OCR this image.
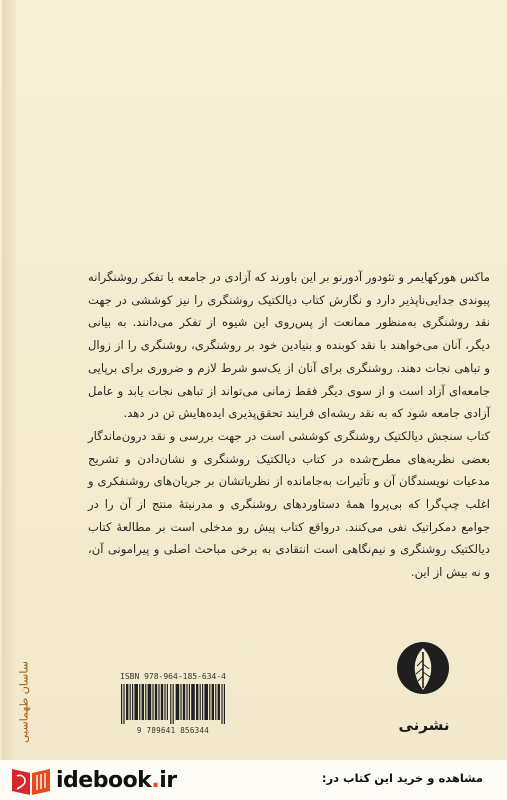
ماکس هورکهایمر و تئودور آدورنو بر این باورند که آزادی در جامعه با تفکر روشنگرانه پیوندی جدایی‌ناپذیر دارد و نگارش کتاب دیالکتیک روشنگری را نیز کوششی در جهت نقد روشنگری به‌منظور ممانعت از پس‌روی این شیوه از تفکر می‌دانند. به بیانی دیگر، آنان می‌خواهند با نقد کوبنده و بنیادین خود بر روشنگری، روشنگری را از زوال و تباهی نجات دهند. روشنگری برای آنان از یک‌سو شرط لازم و ضروری برای برپایی جامعه‌ای آزاد است و از سوی دیگر فقط زمانی می‌تواند از تباهی نجات یابد و عامل آزادی جامعه شود که به نقد ریشه‌ای فرایند تحقق‌پذیری ایده‌هایش تن در دهد.

کتاب سنجش دیالکتیک روشنگری کوششی است در جهت بررسی و نقد درون‌ماندگار بعضی نظریه‌های مطرح‌شده در کتاب دیالکتیک روشنگری و نشان‌دادن و تشریح مدعیات نویسندگان آن و تأثیرات به‌جامانده از نظریاتشان بر جریان‌های روشنفکری و اغلب چپ‌گرا که بی‌پروا همهٔ دستاوردهای روشنگری و مدرنیتهٔ منتج از آن را در جوامع دمکراتیک نفی می‌کنند. درواقع کتاب پیش رو مدخلی است بر مطالعهٔ کتاب دیالکتیک روشنگری و نیم‌نگاهی است انتقادی به برخی مباحث اصلی و پیرامونی آن، و نه بیش از این.

ساسان طهماسبی	ISBN 978-964-185-634-4
9 789641 856344	نشرنی
idebook.ir	مشاهده و خرید این کتاب در:
